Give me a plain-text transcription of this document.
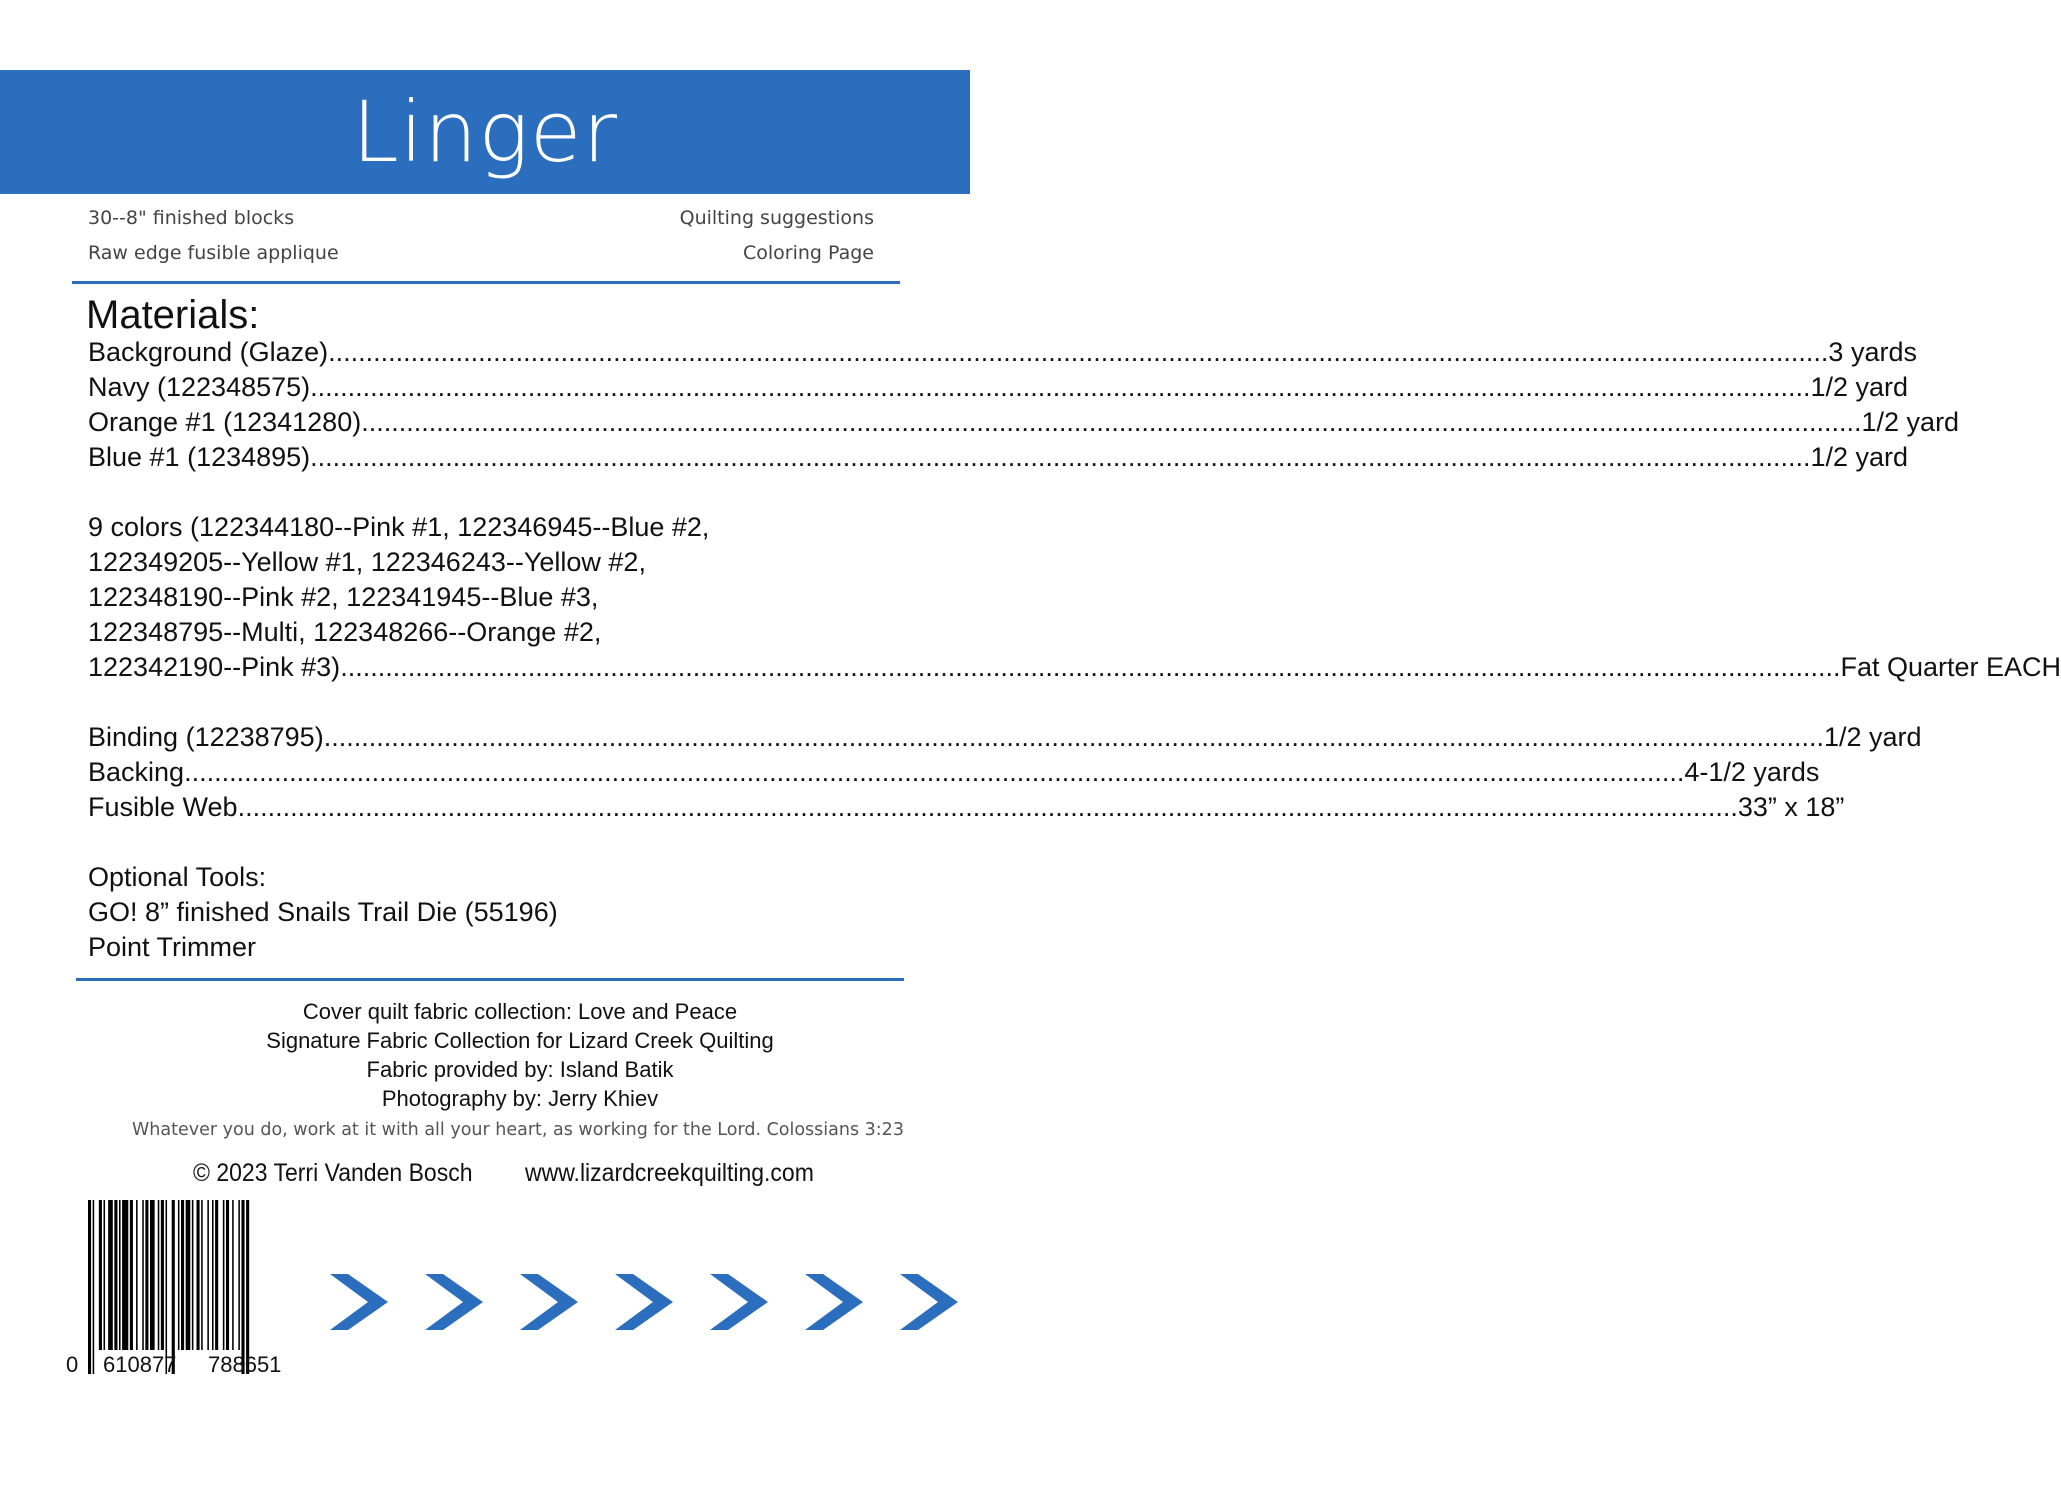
Linger
30--8" finished blocks
Raw edge fusible applique
Quilting suggestions
Coloring Page
Materials:
Background (Glaze) ........................................................................................................................................................................................................ 3 yards
Navy (122348575) ........................................................................................................................................................................................................ 1/2 yard
Orange #1 (12341280) ........................................................................................................................................................................................................ 1/2 yard
Blue #1 (1234895) ........................................................................................................................................................................................................ 1/2 yard
9 colors (122344180--Pink #1, 122346945--Blue #2,
122349205--Yellow #1, 122346243--Yellow #2,
122348190--Pink #2, 122341945--Blue #3,
122348795--Multi, 122348266--Orange #2,
122342190--Pink #3) ........................................................................................................................................................................................................ Fat Quarter EACH
Binding (12238795) ........................................................................................................................................................................................................ 1/2 yard
Backing ........................................................................................................................................................................................................ 4-1/2 yards
Fusible Web ........................................................................................................................................................................................................ 33” x 18”
Optional Tools:
GO! 8” finished Snails Trail Die (55196)
Point Trimmer
Cover quilt fabric collection: Love and Peace
Signature Fabric Collection for Lizard Creek Quilting
Fabric provided by: Island Batik
Photography by: Jerry Khiev
Whatever you do, work at it with all your heart, as working for the Lord. Colossians 3:23
© 2023 Terri Vanden Bosch www.lizardcreekquilting.com
0 610877 788651
